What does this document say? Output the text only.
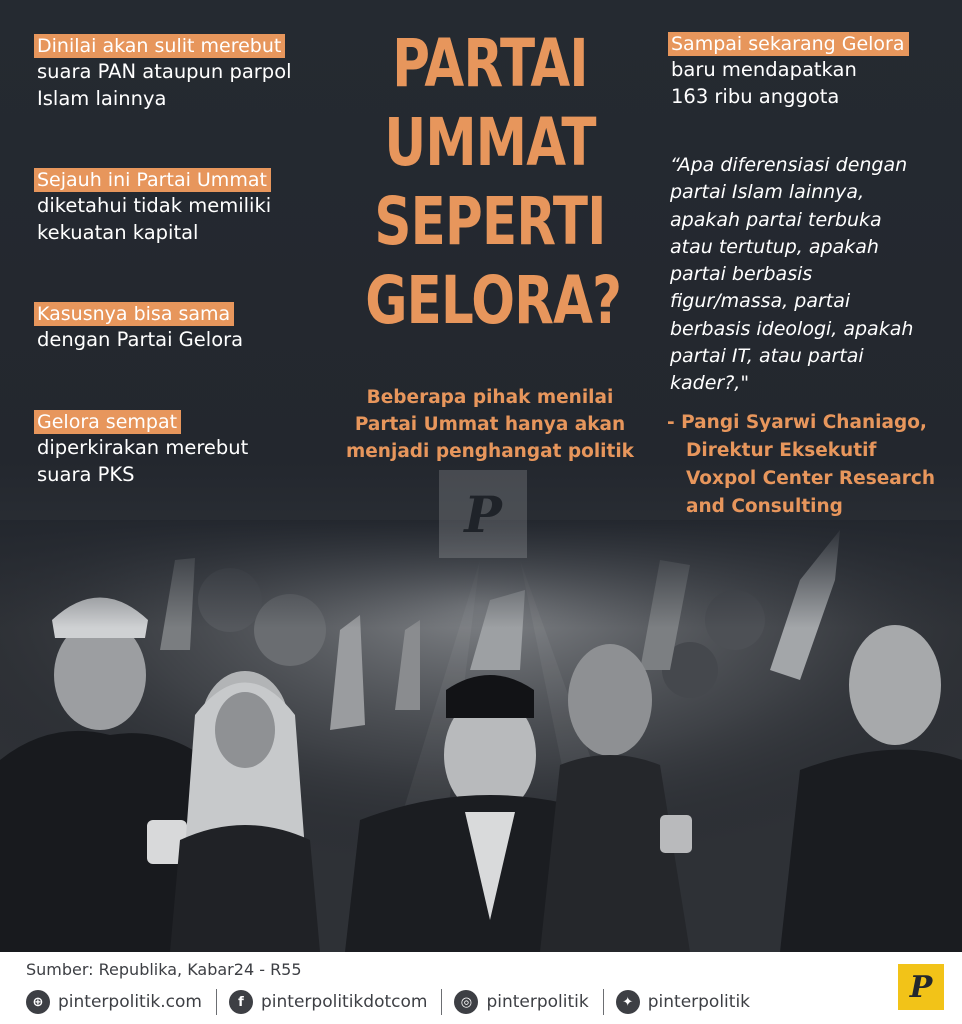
Dinilai akan sulit merebut
suara PAN ataupun parpol
Islam lainnya
Sejauh ini Partai Ummat
diketahui tidak memiliki
kekuatan kapital
Kasusnya bisa sama
dengan Partai Gelora
Gelora sempat
diperkirakan merebut
suara PKS
PARTAI
UMMAT
SEPERTI
GELORA?
Beberapa pihak menilai
Partai Ummat hanya akan
menjadi penghangat politik
P
Sampai sekarang Gelora
baru mendapatkan
163 ribu anggota
“Apa diferensiasi dengan
partai Islam lainnya,
apakah partai terbuka
atau tertutup, apakah
partai berbasis
figur/massa, partai
berbasis ideologi, apakah
partai IT, atau partai
kader?,"
- Pangi Syarwi Chaniago,
Direktur Eksekutif
Voxpol Center Research
and Consulting
Sumber: Republika, Kabar24 - R55
⊕ pinterpolitik.com	f	pinterpolitikdotcom	◎ pinterpolitik	✦ pinterpolitik	P
